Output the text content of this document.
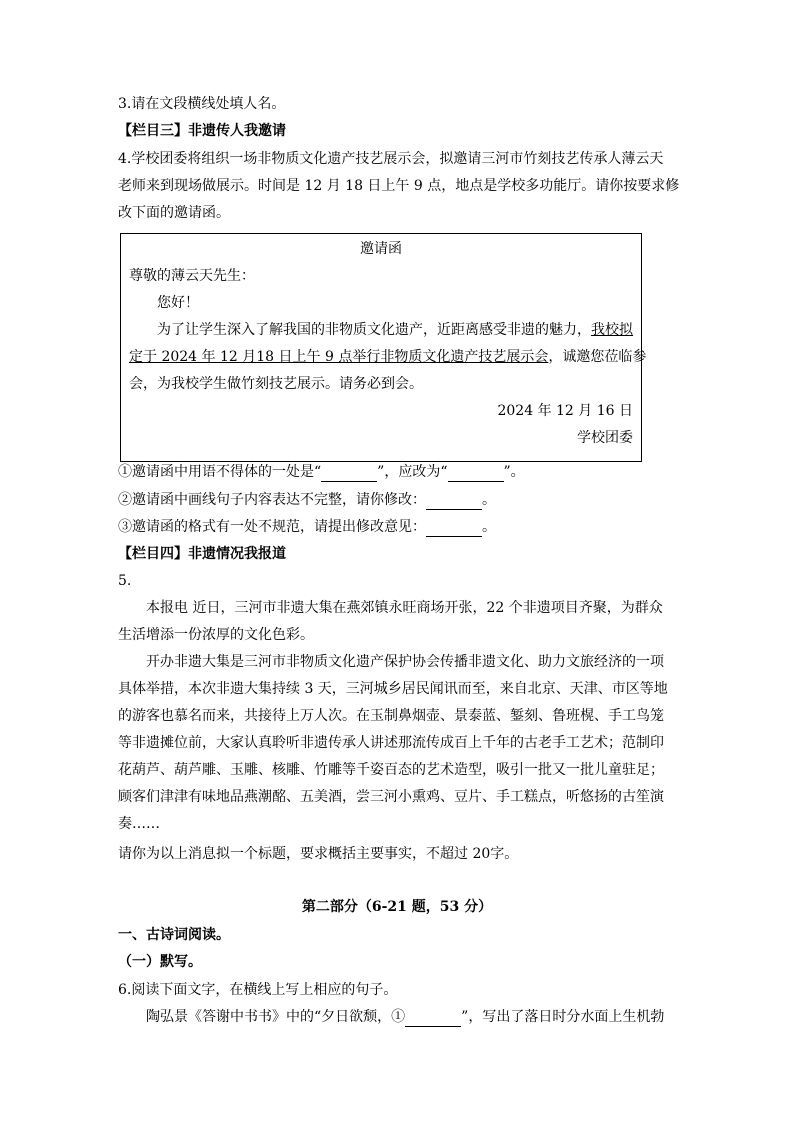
3.请在文段横线处填人名。
【栏目三】非遗传人我邀请
4.学校团委将组织一场非物质文化遗产技艺展示会，拟邀请三河市竹刻技艺传承人薄云天
老师来到现场做展示。时间是 12 月 18 日上午 9 点，地点是学校多功能厅。请你按要求修
改下面的邀请函。
邀请函
尊敬的薄云天先生：
您好！
为了让学生深入了解我国的非物质文化遗产，近距离感受非遗的魅力，我校拟
定于 2024 年 12 月18 日上午 9 点举行非物质文化遗产技艺展示会，诚邀您莅临参
会，为我校学生做竹刻技艺展示。请务必到会。
2024 年 12 月 16 日
学校团委
①邀请函中用语不得体的一处是“	”，应改为“	”。
②邀请函中画线句子内容表达不完整，请你修改：	。
③邀请函的格式有一处不规范，请提出修改意见：	。
【栏目四】非遗情况我报道
5.
本报电 近日，三河市非遗大集在燕郊镇永旺商场开张，22 个非遗项目齐聚，为群众
生活增添一份浓厚的文化色彩。
开办非遗大集是三河市非物质文化遗产保护协会传播非遗文化、助力文旅经济的一项
具体举措，本次非遗大集持续 3 天，三河城乡居民闻讯而至，来自北京、天津、市区等地
的游客也慕名而来，共接待上万人次。在玉制鼻烟壶、景泰蓝、錾刻、鲁班榥、手工鸟笼
等非遗摊位前，大家认真聆听非遗传承人讲述那流传成百上千年的古老手工艺术；范制印
花葫芦、葫芦雕、玉雕、核雕、竹雕等千姿百态的艺术造型，吸引一批又一批儿童驻足；
顾客们津津有味地品燕潮酩、五美酒，尝三河小熏鸡、豆片、手工糕点，听悠扬的古笙演
奏……
请你为以上消息拟一个标题，要求概括主要事实，不超过 20字。
第二部分（6-21 题，53 分）
一、古诗词阅读。
（一）默写。
6.阅读下面文字，在横线上写上相应的句子。
陶弘景《答谢中书书》中的“夕日欲颓，①	”，写出了落日时分水面上生机勃
